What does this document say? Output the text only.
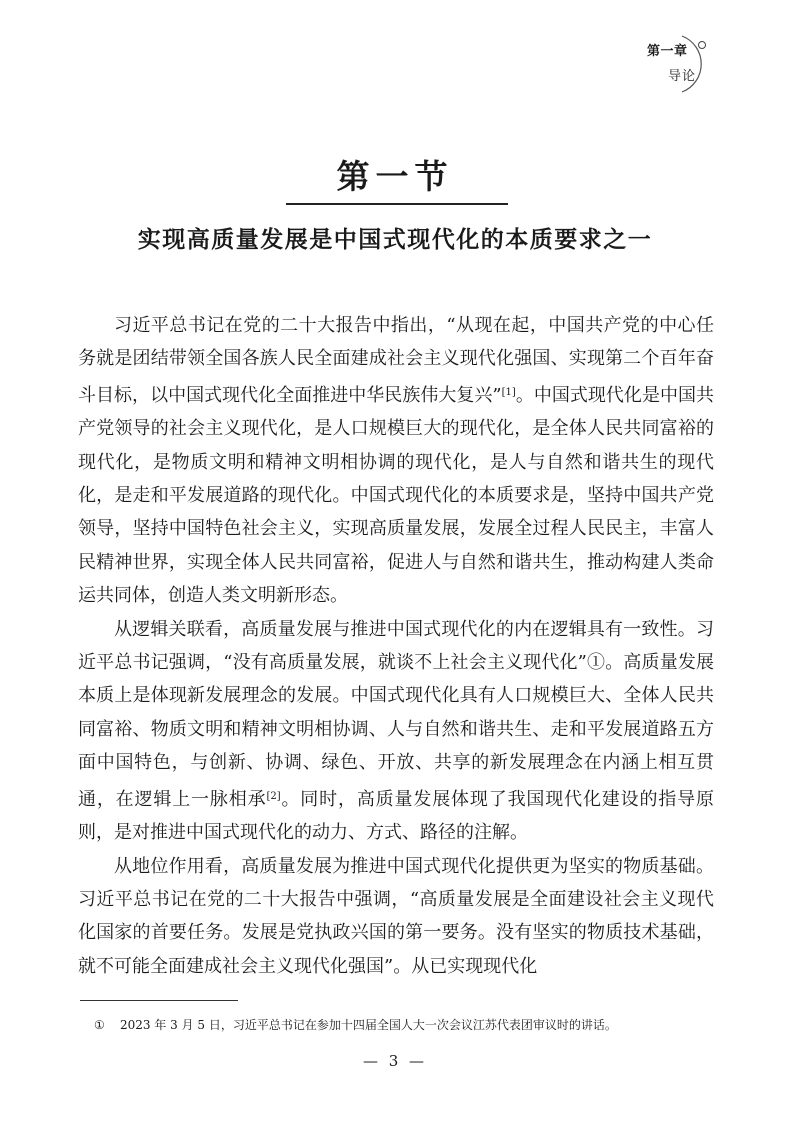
第一章
导论
第一节
实现高质量发展是中国式现代化的本质要求之一

习近平总书记在党的二十大报告中指出，“从现在起，中国共产党的中心任务就是团结带领全国各族人民全面建成社会主义现代化强国、实现第二个百年奋斗目标，以中国式现代化全面推进中华民族伟大复兴”[1]。中国式现代化是中国共产党领导的社会主义现代化，是人口规模巨大的现代化，是全体人民共同富裕的现代化，是物质文明和精神文明相协调的现代化，是人与自然和谐共生的现代化，是走和平发展道路的现代化。中国式现代化的本质要求是，坚持中国共产党领导，坚持中国特色社会主义，实现高质量发展，发展全过程人民民主，丰富人民精神世界，实现全体人民共同富裕，促进人与自然和谐共生，推动构建人类命运共同体，创造人类文明新形态。

从逻辑关联看，高质量发展与推进中国式现代化的内在逻辑具有一致性。习近平总书记强调，“没有高质量发展，就谈不上社会主义现代化”①。高质量发展本质上是体现新发展理念的发展。中国式现代化具有人口规模巨大、全体人民共同富裕、物质文明和精神文明相协调、人与自然和谐共生、走和平发展道路五方面中国特色，与创新、协调、绿色、开放、共享的新发展理念在内涵上相互贯通，在逻辑上一脉相承[2]。同时，高质量发展体现了我国现代化建设的指导原则，是对推进中国式现代化的动力、方式、路径的注解。

从地位作用看，高质量发展为推进中国式现代化提供更为坚实的物质基础。习近平总书记在党的二十大报告中强调，“高质量发展是全面建设社会主义现代化国家的首要任务。发展是党执政兴国的第一要务。没有坚实的物质技术基础，就不可能全面建成社会主义现代化强国”。从已实现现代化

① 2023 年 3 月 5 日，习近平总书记在参加十四届全国人大一次会议江苏代表团审议时的讲话。
— 3 —
